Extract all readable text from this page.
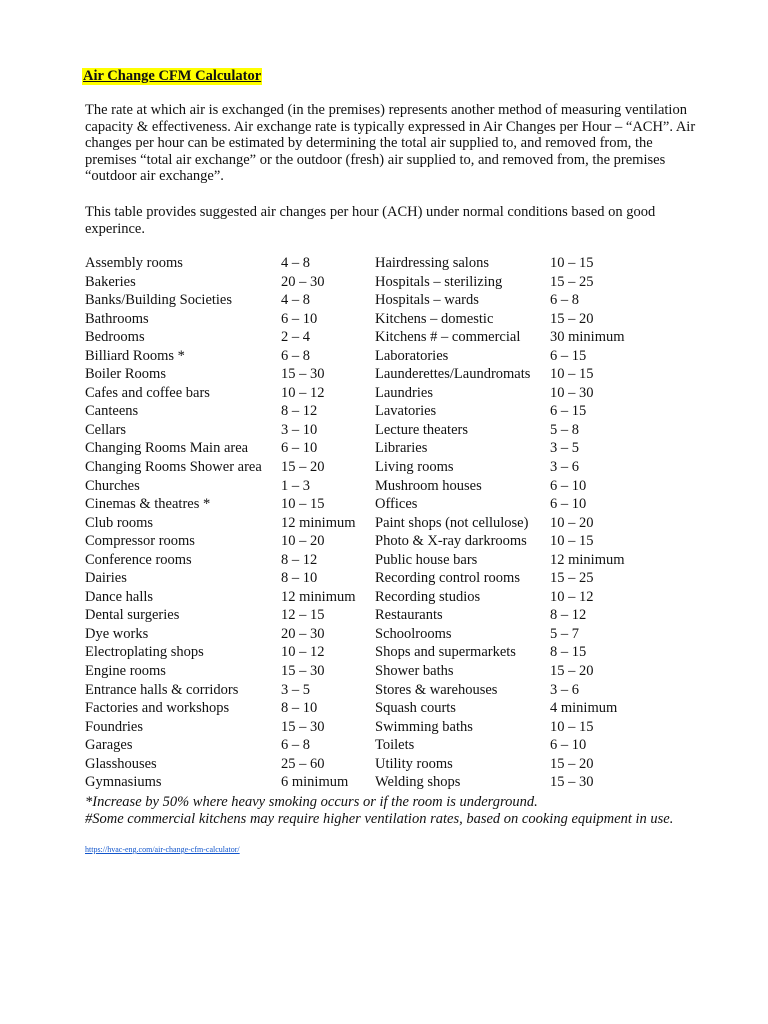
Air Change CFM Calculator

The rate at which air is exchanged (in the premises) represents another method of measuring ventilation capacity & effectiveness. Air exchange rate is typically expressed in Air Changes per Hour – “ACH”. Air changes per hour can be estimated by determining the total air supplied to, and removed from, the premises “total air exchange” or the outdoor (fresh) air supplied to, and removed from, the premises “outdoor air exchange”.

This table provides suggested air changes per hour (ACH) under normal conditions based on good experince.

Assembly rooms	4 – 8	Hairdressing salons	10 – 15
Bakeries	20 – 30	Hospitals – sterilizing	15 – 25
Banks/Building Societies	4 – 8	Hospitals – wards	6 – 8
Bathrooms	6 – 10	Kitchens – domestic	15 – 20
Bedrooms	2 – 4	Kitchens # – commercial	30 minimum
Billiard Rooms *	6 – 8	Laboratories	6 – 15
Boiler Rooms	15 – 30	Launderettes/Laundromats	10 – 15
Cafes and coffee bars	10 – 12	Laundries	10 – 30
Canteens	8 – 12	Lavatories	6 – 15
Cellars	3 – 10	Lecture theaters	5 – 8
Changing Rooms Main area	6 – 10	Libraries	3 – 5
Changing Rooms Shower area	15 – 20	Living rooms	3 – 6
Churches	1 – 3	Mushroom houses	6 – 10
Cinemas & theatres *	10 – 15	Offices	6 – 10
Club rooms	12 minimum	Paint shops (not cellulose)	10 – 20
Compressor rooms	10 – 20	Photo & X-ray darkrooms	10 – 15
Conference rooms	8 – 12	Public house bars	12 minimum
Dairies	8 – 10	Recording control rooms	15 – 25
Dance halls	12 minimum	Recording studios	10 – 12
Dental surgeries	12 – 15	Restaurants	8 – 12
Dye works	20 – 30	Schoolrooms	5 – 7
Electroplating shops	10 – 12	Shops and supermarkets	8 – 15
Engine rooms	15 – 30	Shower baths	15 – 20
Entrance halls & corridors	3 – 5	Stores & warehouses	3 – 6
Factories and workshops	8 – 10	Squash courts	4 minimum
Foundries	15 – 30	Swimming baths	10 – 15
Garages	6 – 8	Toilets	6 – 10
Glasshouses	25 – 60	Utility rooms	15 – 20
Gymnasiums	6 minimum	Welding shops	15 – 30

*Increase by 50% where heavy smoking occurs or if the room is underground.

#Some commercial kitchens may require higher ventilation rates, based on cooking equipment in use.

https://hvac-eng.com/air-change-cfm-calculator/
